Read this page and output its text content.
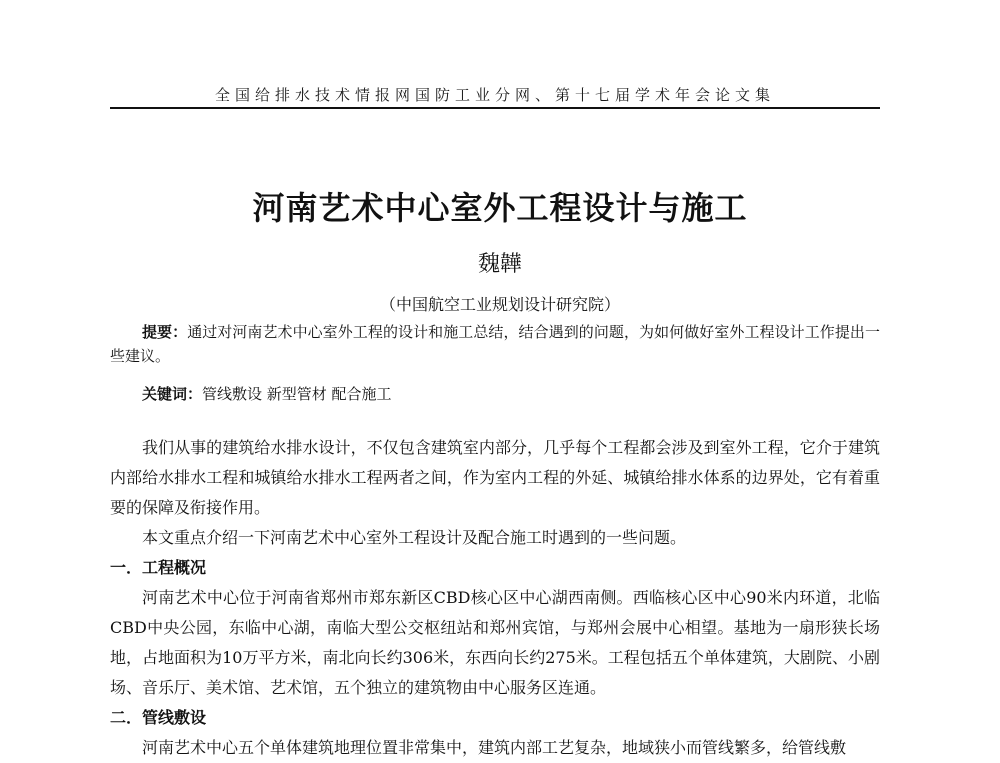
全国给排水技术情报网国防工业分网、第十七届学术年会论文集
河南艺术中心室外工程设计与施工
魏韡
（中国航空工业规划设计研究院）
提要：通过对河南艺术中心室外工程的设计和施工总结，结合遇到的问题，为如何做好室外工程设计工作提出一些建议。
关键词：管线敷设 新型管材 配合施工

我们从事的建筑给水排水设计，不仅包含建筑室内部分，几乎每个工程都会涉及到室外工程，它介于建筑内部给水排水工程和城镇给水排水工程两者之间，作为室内工程的外延、城镇给排水体系的边界处，它有着重要的保障及衔接作用。

本文重点介绍一下河南艺术中心室外工程设计及配合施工时遇到的一些问题。

一．工程概况

河南艺术中心位于河南省郑州市郑东新区CBD核心区中心湖西南侧。西临核心区中心90米内环道，北临CBD中央公园，东临中心湖，南临大型公交枢纽站和郑州宾馆，与郑州会展中心相望。基地为一扇形狭长场地，占地面积为10万平方米，南北向长约306米，东西向长约275米。工程包括五个单体建筑，大剧院、小剧场、音乐厅、美术馆、艺术馆，五个独立的建筑物由中心服务区连通。

二．管线敷设

河南艺术中心五个单体建筑地理位置非常集中，建筑内部工艺复杂，地域狭小而管线繁多，给管线敷
